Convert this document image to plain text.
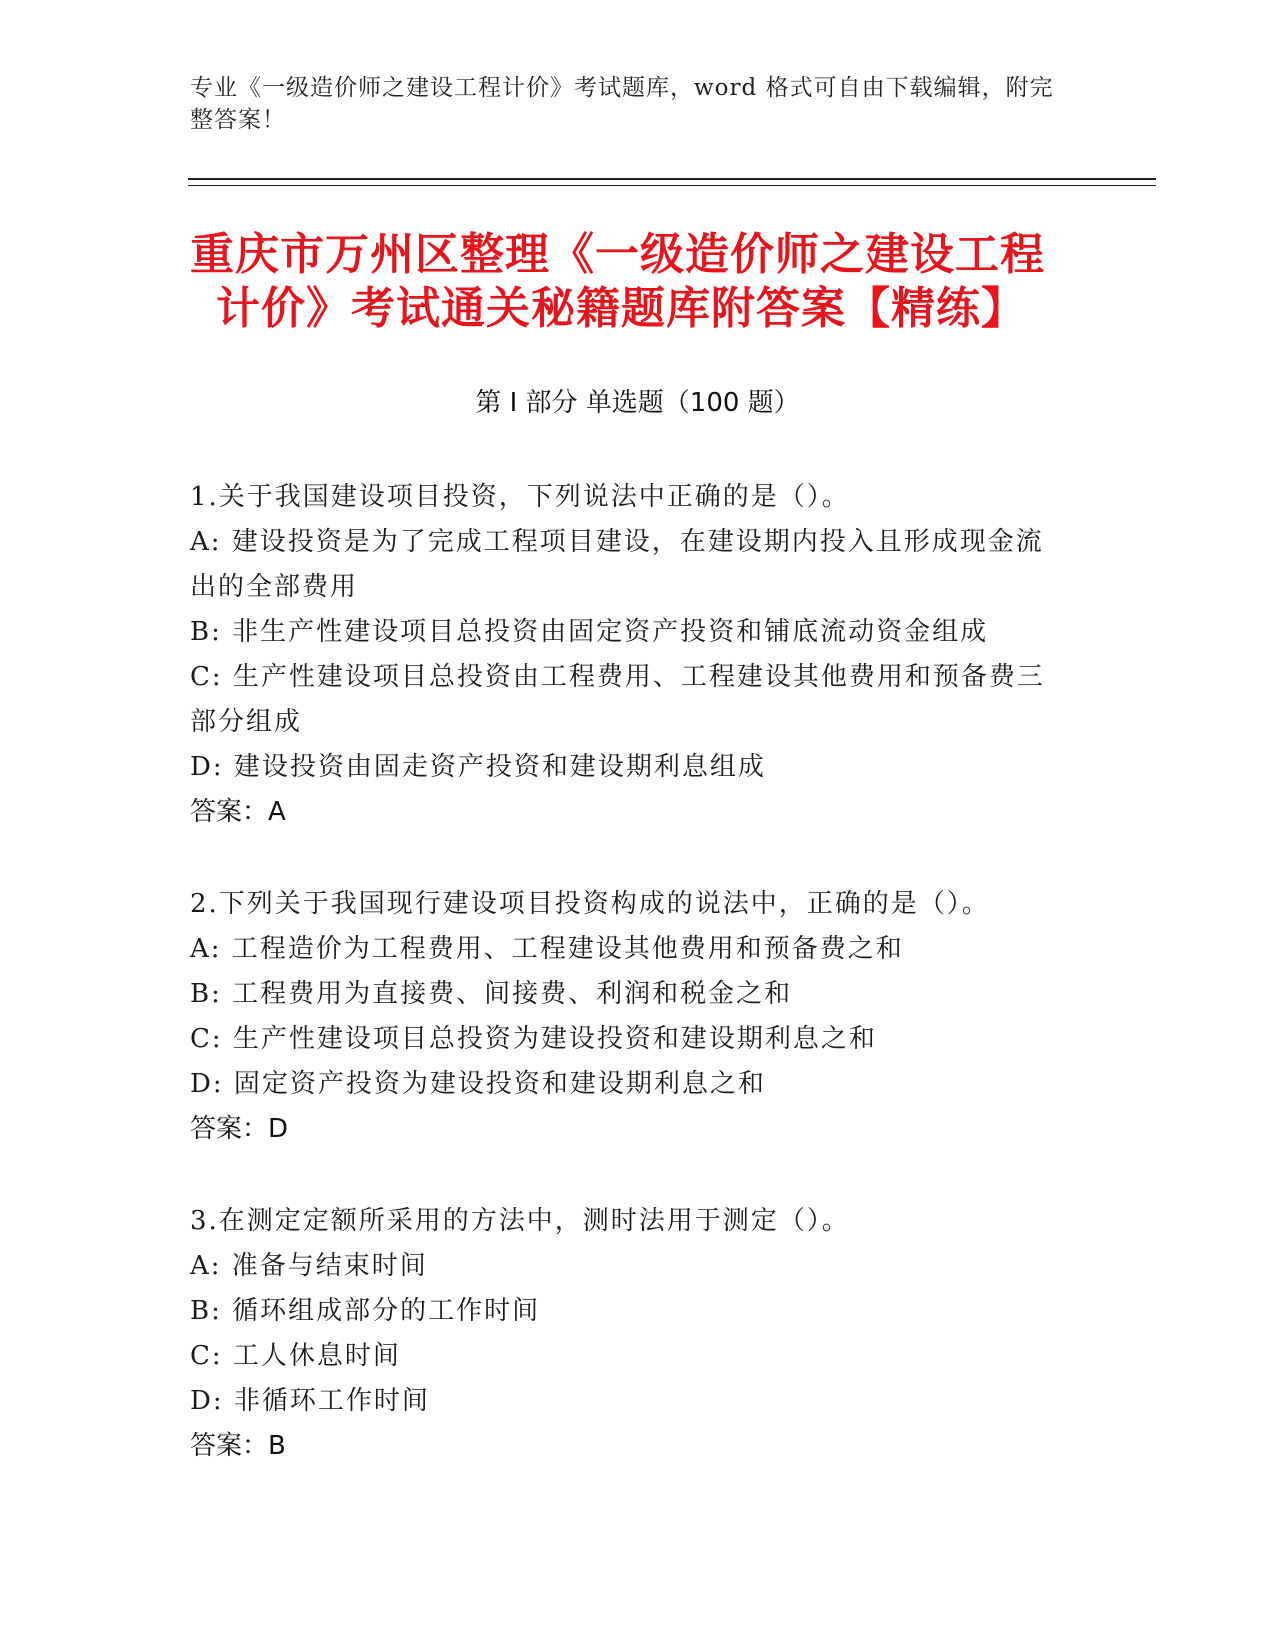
专业《一级造价师之建设工程计价》考试题库，word 格式可自由下载编辑，附完
整答案！
重庆市万州区整理《一级造价师之建设工程
计价》考试通关秘籍题库附答案【精练】
第 I 部分 单选题（100 题）
1.关于我国建设项目投资，下列说法中正确的是（）。
A: 建设投资是为了完成工程项目建设，在建设期内投入且形成现金流
出的全部费用
B: 非生产性建设项目总投资由固定资产投资和铺底流动资金组成
C: 生产性建设项目总投资由工程费用、工程建设其他费用和预备费三
部分组成
D: 建设投资由固走资产投资和建设期利息组成
答案：A
2.下列关于我国现行建设项目投资构成的说法中，正确的是（）。
A: 工程造价为工程费用、工程建设其他费用和预备费之和
B: 工程费用为直接费、间接费、利润和税金之和
C: 生产性建设项目总投资为建设投资和建设期利息之和
D: 固定资产投资为建设投资和建设期利息之和
答案：D
3.在测定定额所采用的方法中，测时法用于测定（）。
A: 准备与结束时间
B: 循环组成部分的工作时间
C: 工人休息时间
D: 非循环工作时间
答案：B
